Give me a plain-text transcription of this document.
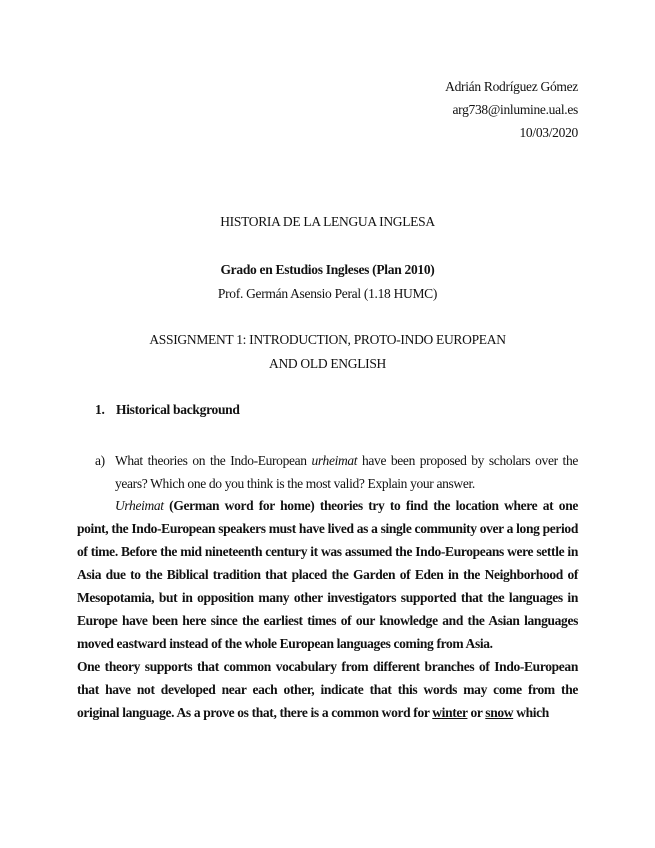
Adrián Rodríguez Gómez
arg738@inlumine.ual.es
10/03/2020
HISTORIA DE LA LENGUA INGLESA
Grado en Estudios Ingleses (Plan 2010)
Prof. Germán Asensio Peral (1.18 HUMC)
ASSIGNMENT 1: INTRODUCTION, PROTO-INDO EUROPEAN
AND OLD ENGLISH
1. Historical background
a) What theories on the Indo-European urheimat have been proposed by scholars over the years? Which one do you think is the most valid? Explain your answer.

Urheimat (German word for home) theories try to find the location where at one point, the Indo-European speakers must have lived as a single community over a long period of time. Before the mid nineteenth century it was assumed the Indo-Europeans were settle in Asia due to the Biblical tradition that placed the Garden of Eden in the Neighborhood of Mesopotamia, but in opposition many other investigators supported that the languages in Europe have been here since the earliest times of our knowledge and the Asian languages moved eastward instead of the whole European languages coming from Asia.

One theory supports that common vocabulary from different branches of Indo-European that have not developed near each other, indicate that this words may come from the original language. As a prove os that, there is a common word for winter or snow which
